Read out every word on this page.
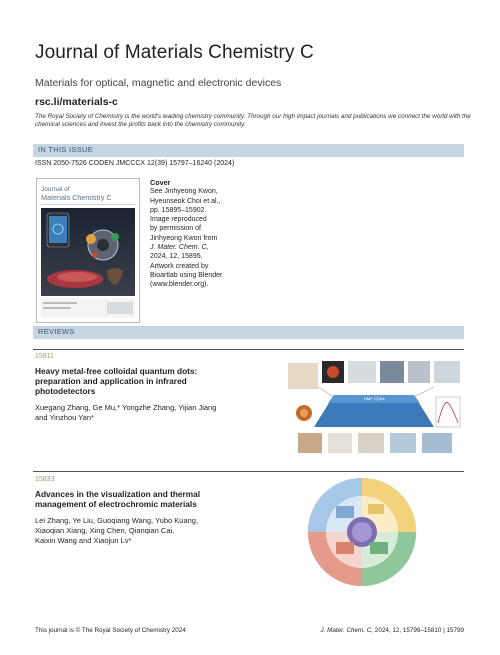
Journal of Materials Chemistry C
Materials for optical, magnetic and electronic devices
rsc.li/materials-c
The Royal Society of Chemistry is the world's leading chemistry community. Through our high impact journals and publications we connect the world with the chemical sciences and invest the profits back into the chemistry community.
IN THIS ISSUE
ISSN 2050-7526 CODEN JMCCCX 12(39) 15797–16240 (2024)
Journal of
Materials Chemistry C
Cover
See Jinhyeong Kwon,
Hyeunseok Choi et al.,
pp. 15895–15902.
Image reproduced
by permission of
Jinhyeong Kwon from
J. Mater. Chem. C,
2024, 12, 15895.
Artwork created by
Bioartlab using Blender
(www.blender.org).
REVIEWS
15811
Heavy metal-free colloidal quantum dots:
preparation and application in infrared
photodetectors
Xuegang Zhang, Ge Mu,* Yongzhe Zhang, Yijian Jiang
and Yinzhou Yan*
HMF CQDs
15833
Advances in the visualization and thermal
management of electrochromic materials
Lei Zhang, Ye Liu, Guoqiang Wang, Yubo Kuang,
Xiaoqian Xiang, Xing Chen, Qianqian Cai,
Kaixin Wang and Xiaojun Lv*
This journal is © The Royal Society of Chemistry 2024	J. Mater. Chem. C, 2024, 12, 15799–15810 | 15799
